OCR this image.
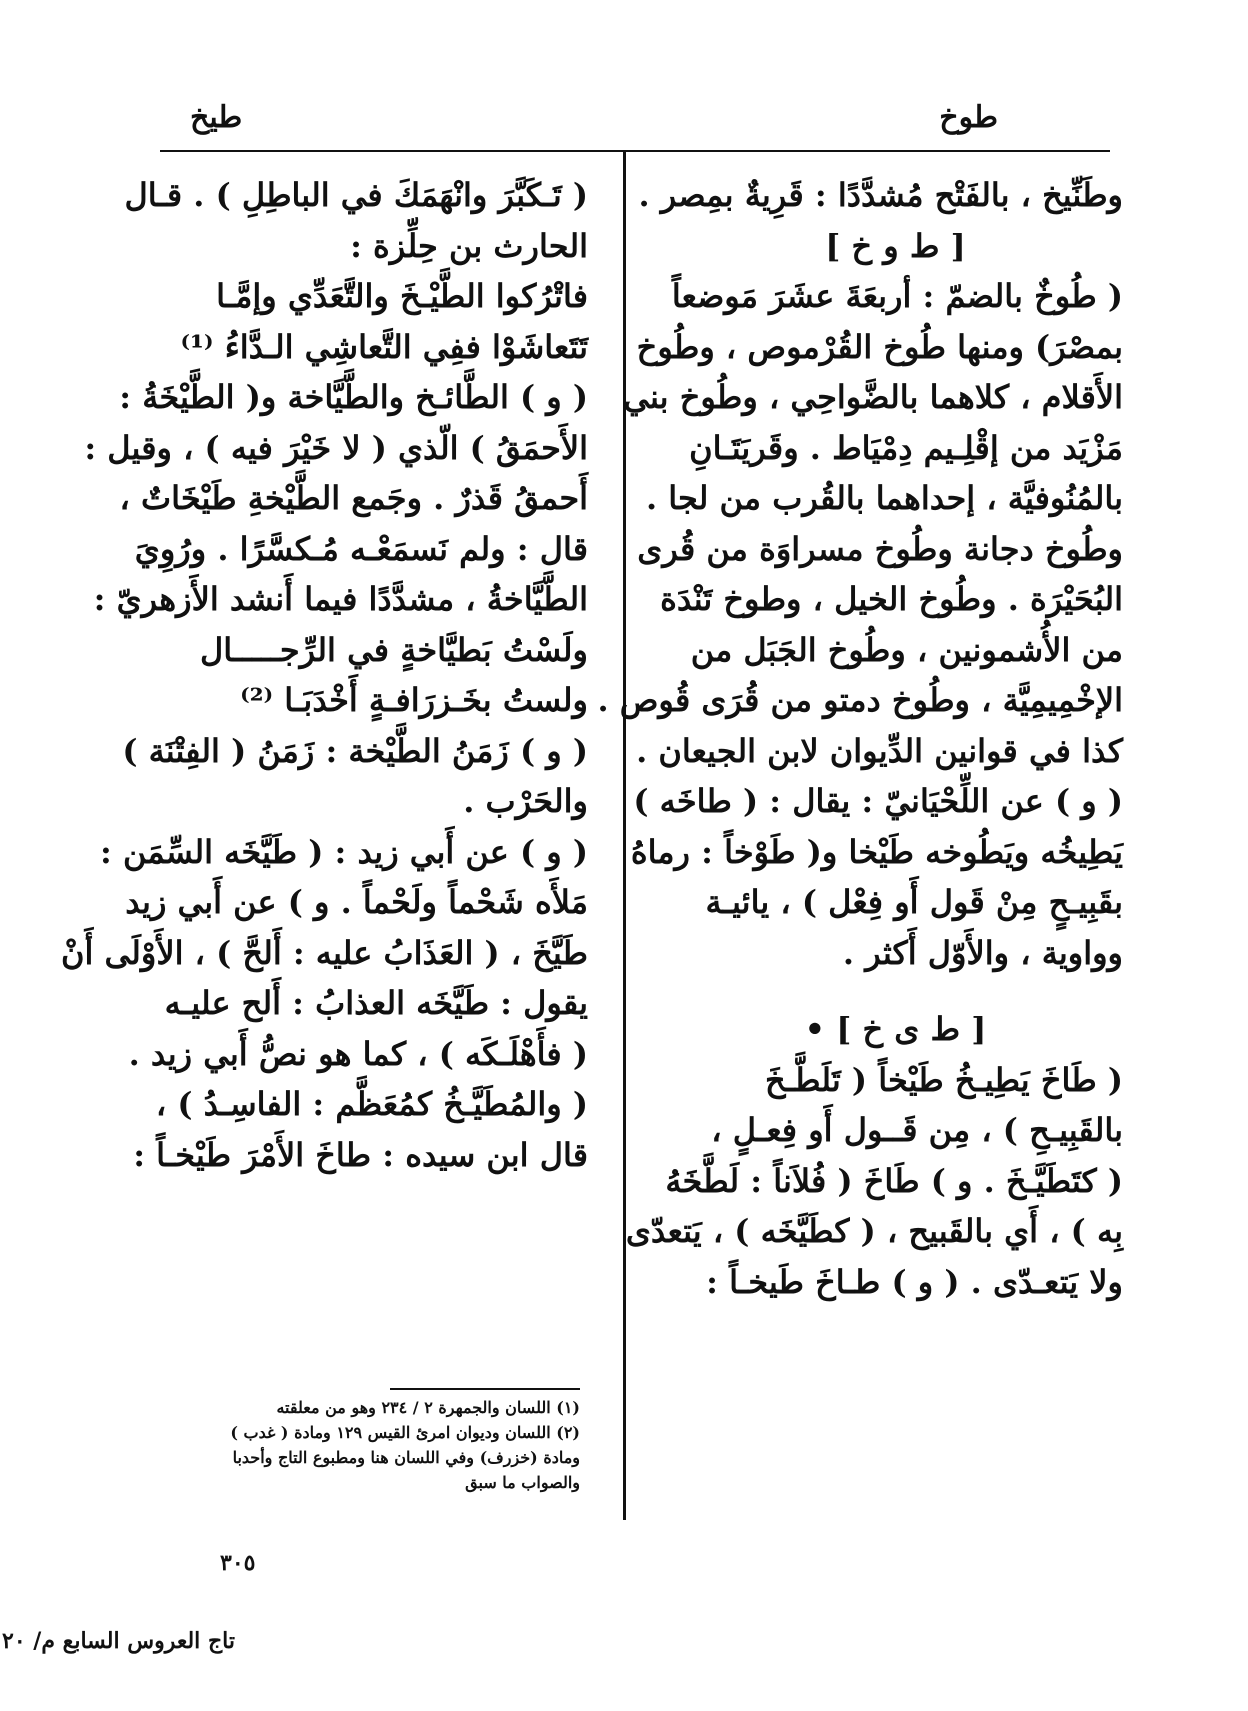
طوخ
طيخ
وطَنِّيخ ، بالفَتْح مُشدَّدًا : قَرِيةٌ بمِصر .
[ ط و خ ]
( طُوخٌ بالضمّ : أربعَةَ عشَرَ مَوضعاً
بمصْرَ) ومنها طُوخ القُرْموص ، وطُوخ
الأَقلام ، كلاهما بالضَّواحِي ، وطُوخ بني
مَزْيَد من إقْلِـيم دِمْيَاط . وقَريَتَـانِ
بالمُنُوفيَّة ، إحداهما بالقُرب من لجا .
وطُوخ دجانة وطُوخ مسراوَة من قُرى
البُحَيْرَة . وطُوخ الخيل ، وطوخ تَنْدَة
من الأُشمونين ، وطُوخ الجَبَل من
الإخْمِيمِيَّة ، وطُوخ دمتو من قُرَى قُوص .
كذا في قوانين الدِّيوان لابن الجيعان .
( و ) عن اللِّحْيَانيّ : يقال : ( طاخَه )
يَطِيخُه ويَطُوخه طَيْخا و( طَوْخاً : رماهُ
بقَبِيـحٍ مِنْ قَول أَو فِعْل ) ، يائيـة
وواوية ، والأَوّل أَكثر .
[ ط ى خ ] •
( طَاخَ يَطِيـخُ طَيْخاً ( تَلَطَّـخَ
بالقَبِيـحِ ) ، مِن قَــول أَو فِعـلٍ ،
( كتَطَيَّـخَ . و ) طَاخَ ( فُلاَناً : لَطَّخَهُ
بِه ) ، أَي بالقَبيح ، ( كطَيَّخَه ) ، يَتعدّى
ولا يَتعـدّى . ( و ) طـاخَ طَيخـاً :
( تَـكَبَّرَ وانْهَمَكَ في الباطِلِ ) . قـال
الحارث بن حِلِّزة :
فاتْرُكوا الطَّيْـخَ والتَّعَدِّي وإمَّـا
تَتَعاشَوْا ففِي التَّعاشِي الـدَّاءُ ⁽¹⁾
( و ) الطَّائـخ والطَّيَّاخة و( الطَّيْخَةُ :
الأَحمَقُ ) الّذي ( لا خَيْرَ فيه ) ، وقيل :
أَحمقُ قَذرٌ . وجَمع الطَّيْخةِ طَيْخَاتٌ ،
قال : ولم نَسمَعْـه مُـكسَّرًا . ورُوِيَ
الطَّيَّاخةُ ، مشدَّدًا فيما أَنشد الأَزهريّ :
ولَسْتُ بَطيَّاخةٍ في الرِّجـــــال
ولستُ بخَـزرَافـةٍ أَخْدَبَـا ⁽²⁾
( و ) زَمَنُ الطَّيْخة : زَمَنُ ( الفِتْنَة )
والحَرْب .
( و ) عن أَبي زيد : ( طَيَّخَه السِّمَن :
مَلأَه شَحْماً ولَحْماً . و ) عن أَبي زيد
طَيَّخَ ، ( العَذَابُ عليه : أَلحَّ ) ، الأَوْلَى أَنْ
يقول : طَيَّخَه العذابُ : أَلح عليـه
( فأَهْلَـكَه ) ، كما هو نصُّ أَبي زيد .
( والمُطَيَّـخُ كمُعَظَّم : الفاسِـدُ ) ،
قال ابن سيده : طاخَ الأَمْرَ طَيْخـاً :
(١) اللسان والجمهرة ٢ / ٢٣٤ وهو من معلقته
(٢) اللسان وديوان امرئ القيس ١٢٩ ومادة ( غدب )
ومادة (خزرف) وفي اللسان هنا ومطبوع التاج وأحدبا
والصواب ما سبق
٣٠٥
تاج العروس السابع م/ ٢٠
